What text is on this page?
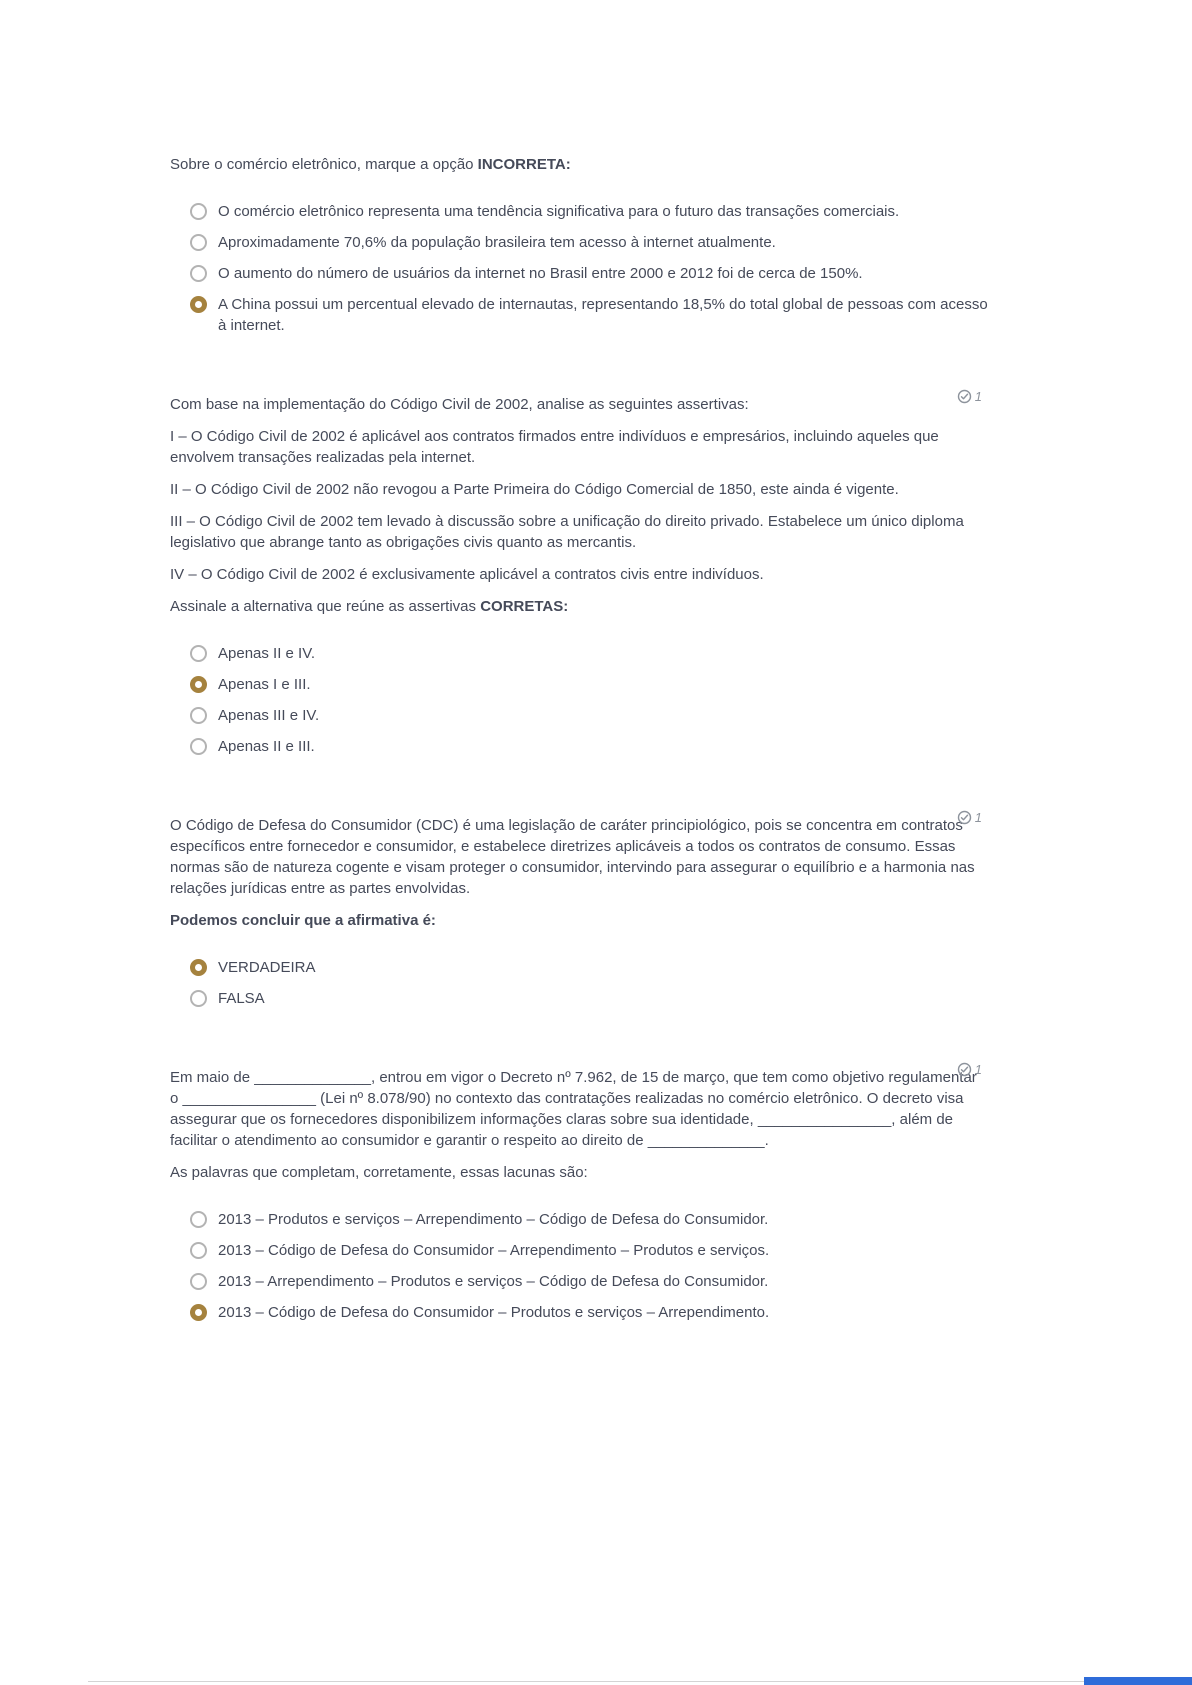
Sobre o comércio eletrônico, marque a opção INCORRETA:

O comércio eletrônico representa uma tendência significativa para o futuro das transações comerciais.
Aproximadamente 70,6% da população brasileira tem acesso à internet atualmente.
O aumento do número de usuários da internet no Brasil entre 2000 e 2012 foi de cerca de 150%.
A China possui um percentual elevado de internautas, representando 18,5% do total global de pessoas com acesso à internet.
1

Com base na implementação do Código Civil de 2002, analise as seguintes assertivas:

I – O Código Civil de 2002 é aplicável aos contratos firmados entre indivíduos e empresários, incluindo aqueles que envolvem transações realizadas pela internet.

II – O Código Civil de 2002 não revogou a Parte Primeira do Código Comercial de 1850, este ainda é vigente.

III – O Código Civil de 2002 tem levado à discussão sobre a unificação do direito privado. Estabelece um único diploma legislativo que abrange tanto as obrigações civis quanto as mercantis.

IV – O Código Civil de 2002 é exclusivamente aplicável a contratos civis entre indivíduos.

Assinale a alternativa que reúne as assertivas CORRETAS:

Apenas II e IV.
Apenas I e III.
Apenas III e IV.
Apenas II e III.
1

O Código de Defesa do Consumidor (CDC) é uma legislação de caráter principiológico, pois se concentra em contratos específicos entre fornecedor e consumidor, e estabelece diretrizes aplicáveis a todos os contratos de consumo. Essas normas são de natureza cogente e visam proteger o consumidor, intervindo para assegurar o equilíbrio e a harmonia nas relações jurídicas entre as partes envolvidas.

Podemos concluir que a afirmativa é:

VERDADEIRA
FALSA
1

Em maio de ______________, entrou em vigor o Decreto nº 7.962, de 15 de março, que tem como objetivo regulamentar o ________________ (Lei nº 8.078/90) no contexto das contratações realizadas no comércio eletrônico. O decreto visa assegurar que os fornecedores disponibilizem informações claras sobre sua identidade, ________________, além de facilitar o atendimento ao consumidor e garantir o respeito ao direito de ______________.

As palavras que completam, corretamente, essas lacunas são:

2013 – Produtos e serviços – Arrependimento – Código de Defesa do Consumidor.
2013 – Código de Defesa do Consumidor – Arrependimento – Produtos e serviços.
2013 – Arrependimento – Produtos e serviços – Código de Defesa do Consumidor.
2013 – Código de Defesa do Consumidor – Produtos e serviços – Arrependimento.
